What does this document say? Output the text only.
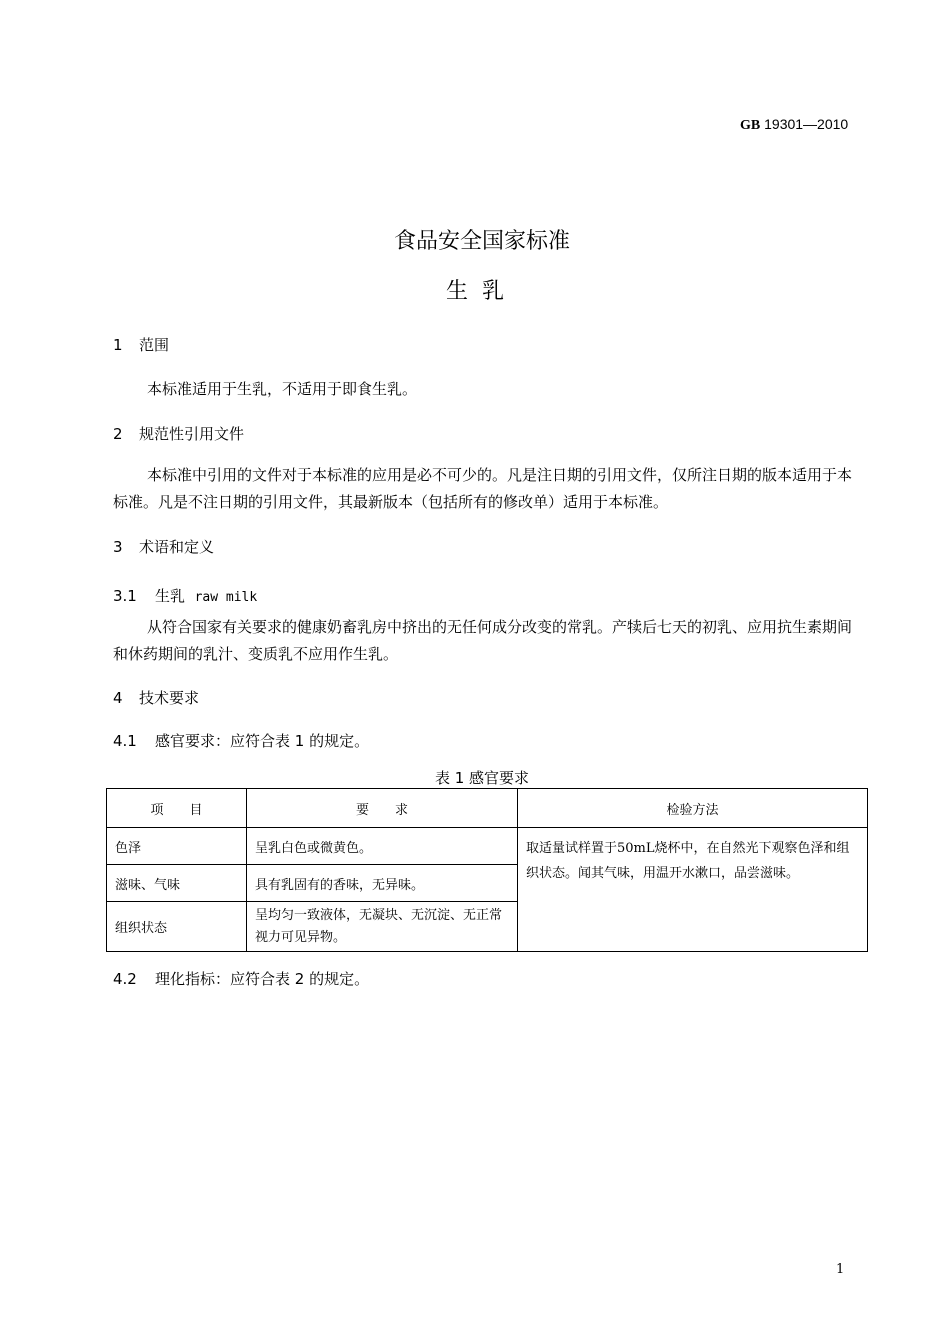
GB 19301—2010
食品安全国家标准
生乳
1 范围
本标准适用于生乳，不适用于即食生乳。
2 规范性引用文件
本标准中引用的文件对于本标准的应用是必不可少的。凡是注日期的引用文件，仅所注日期的版本适用于本标准。凡是不注日期的引用文件，其最新版本（包括所有的修改单）适用于本标准。
3 术语和定义
3.1 生乳 raw milk
从符合国家有关要求的健康奶畜乳房中挤出的无任何成分改变的常乳。产犊后七天的初乳、应用抗生素期间和休药期间的乳汁、变质乳不应用作生乳。
4 技术要求
4.1 感官要求：应符合表 1 的规定。
表 1 感官要求
项　　目	要　　求	检验方法
色泽	呈乳白色或微黄色。	取适量试样置于50mL烧杯中，在自然光下观察色泽和组织状态。闻其气味，用温开水漱口，品尝滋味。
滋味、气味	具有乳固有的香味，无异味。	
组织状态	呈均匀一致液体，无凝块、无沉淀、无正常视力可见异物。	
4.2 理化指标：应符合表 2 的规定。
1
